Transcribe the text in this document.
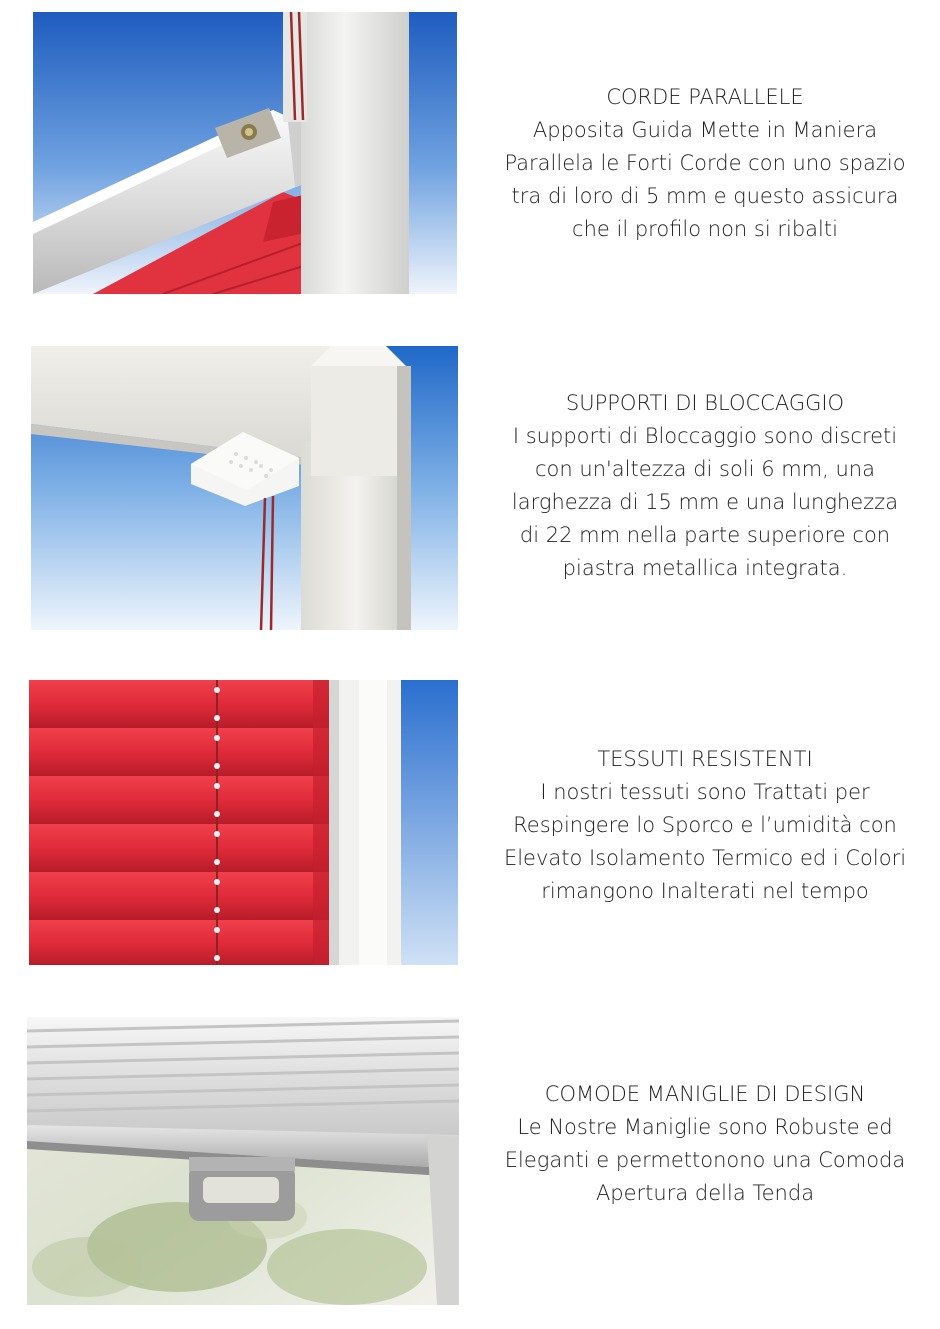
CORDE PARALLELE
Apposita Guida Mette in Maniera
Parallela le Forti Corde con uno spazio
tra di loro di 5 mm e questo assicura
che il profilo non si ribalti
SUPPORTI DI BLOCCAGGIO
I supporti di Bloccaggio sono discreti
con un'altezza di soli 6 mm, una
larghezza di 15 mm e una lunghezza
di 22 mm nella parte superiore con
piastra metallica integrata.
TESSUTI RESISTENTI
I nostri tessuti sono Trattati per
Respingere lo Sporco e l’umidità con
Elevato Isolamento Termico ed i Colori
rimangono Inalterati nel tempo
COMODE MANIGLIE DI DESIGN
Le Nostre Maniglie sono Robuste ed
Eleganti e permettonono una Comoda
Apertura della Tenda
